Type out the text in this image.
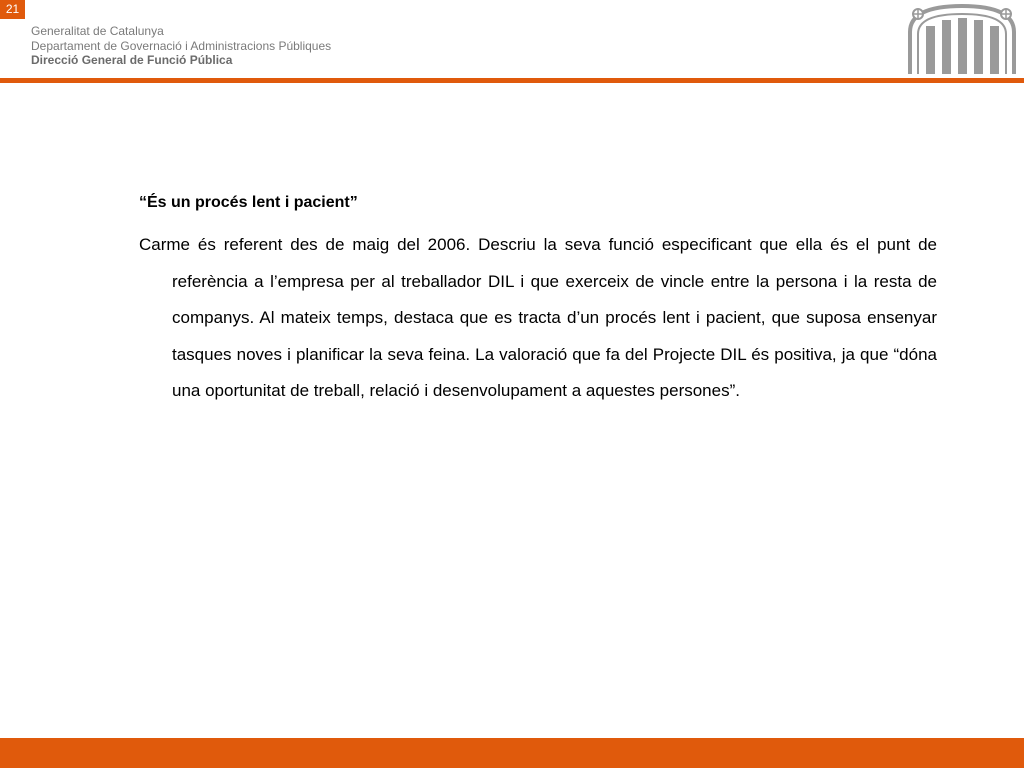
21
Generalitat de Catalunya
Departament de Governació i Administracions Públiques
Direcció General de Funció Pública

“És un procés lent i pacient”

Carme és referent des de maig del 2006. Descriu la seva funció especificant que ella és el punt de referència a l’empresa per al treballador DIL i que exerceix de vincle entre la persona i la resta de companys. Al mateix temps, destaca que es tracta d’un procés lent i pacient, que suposa ensenyar tasques noves i planificar la seva feina. La valoració que fa del Projecte DIL és positiva, ja que “dóna una oportunitat de treball, relació i desenvolupament a aquestes persones”.
